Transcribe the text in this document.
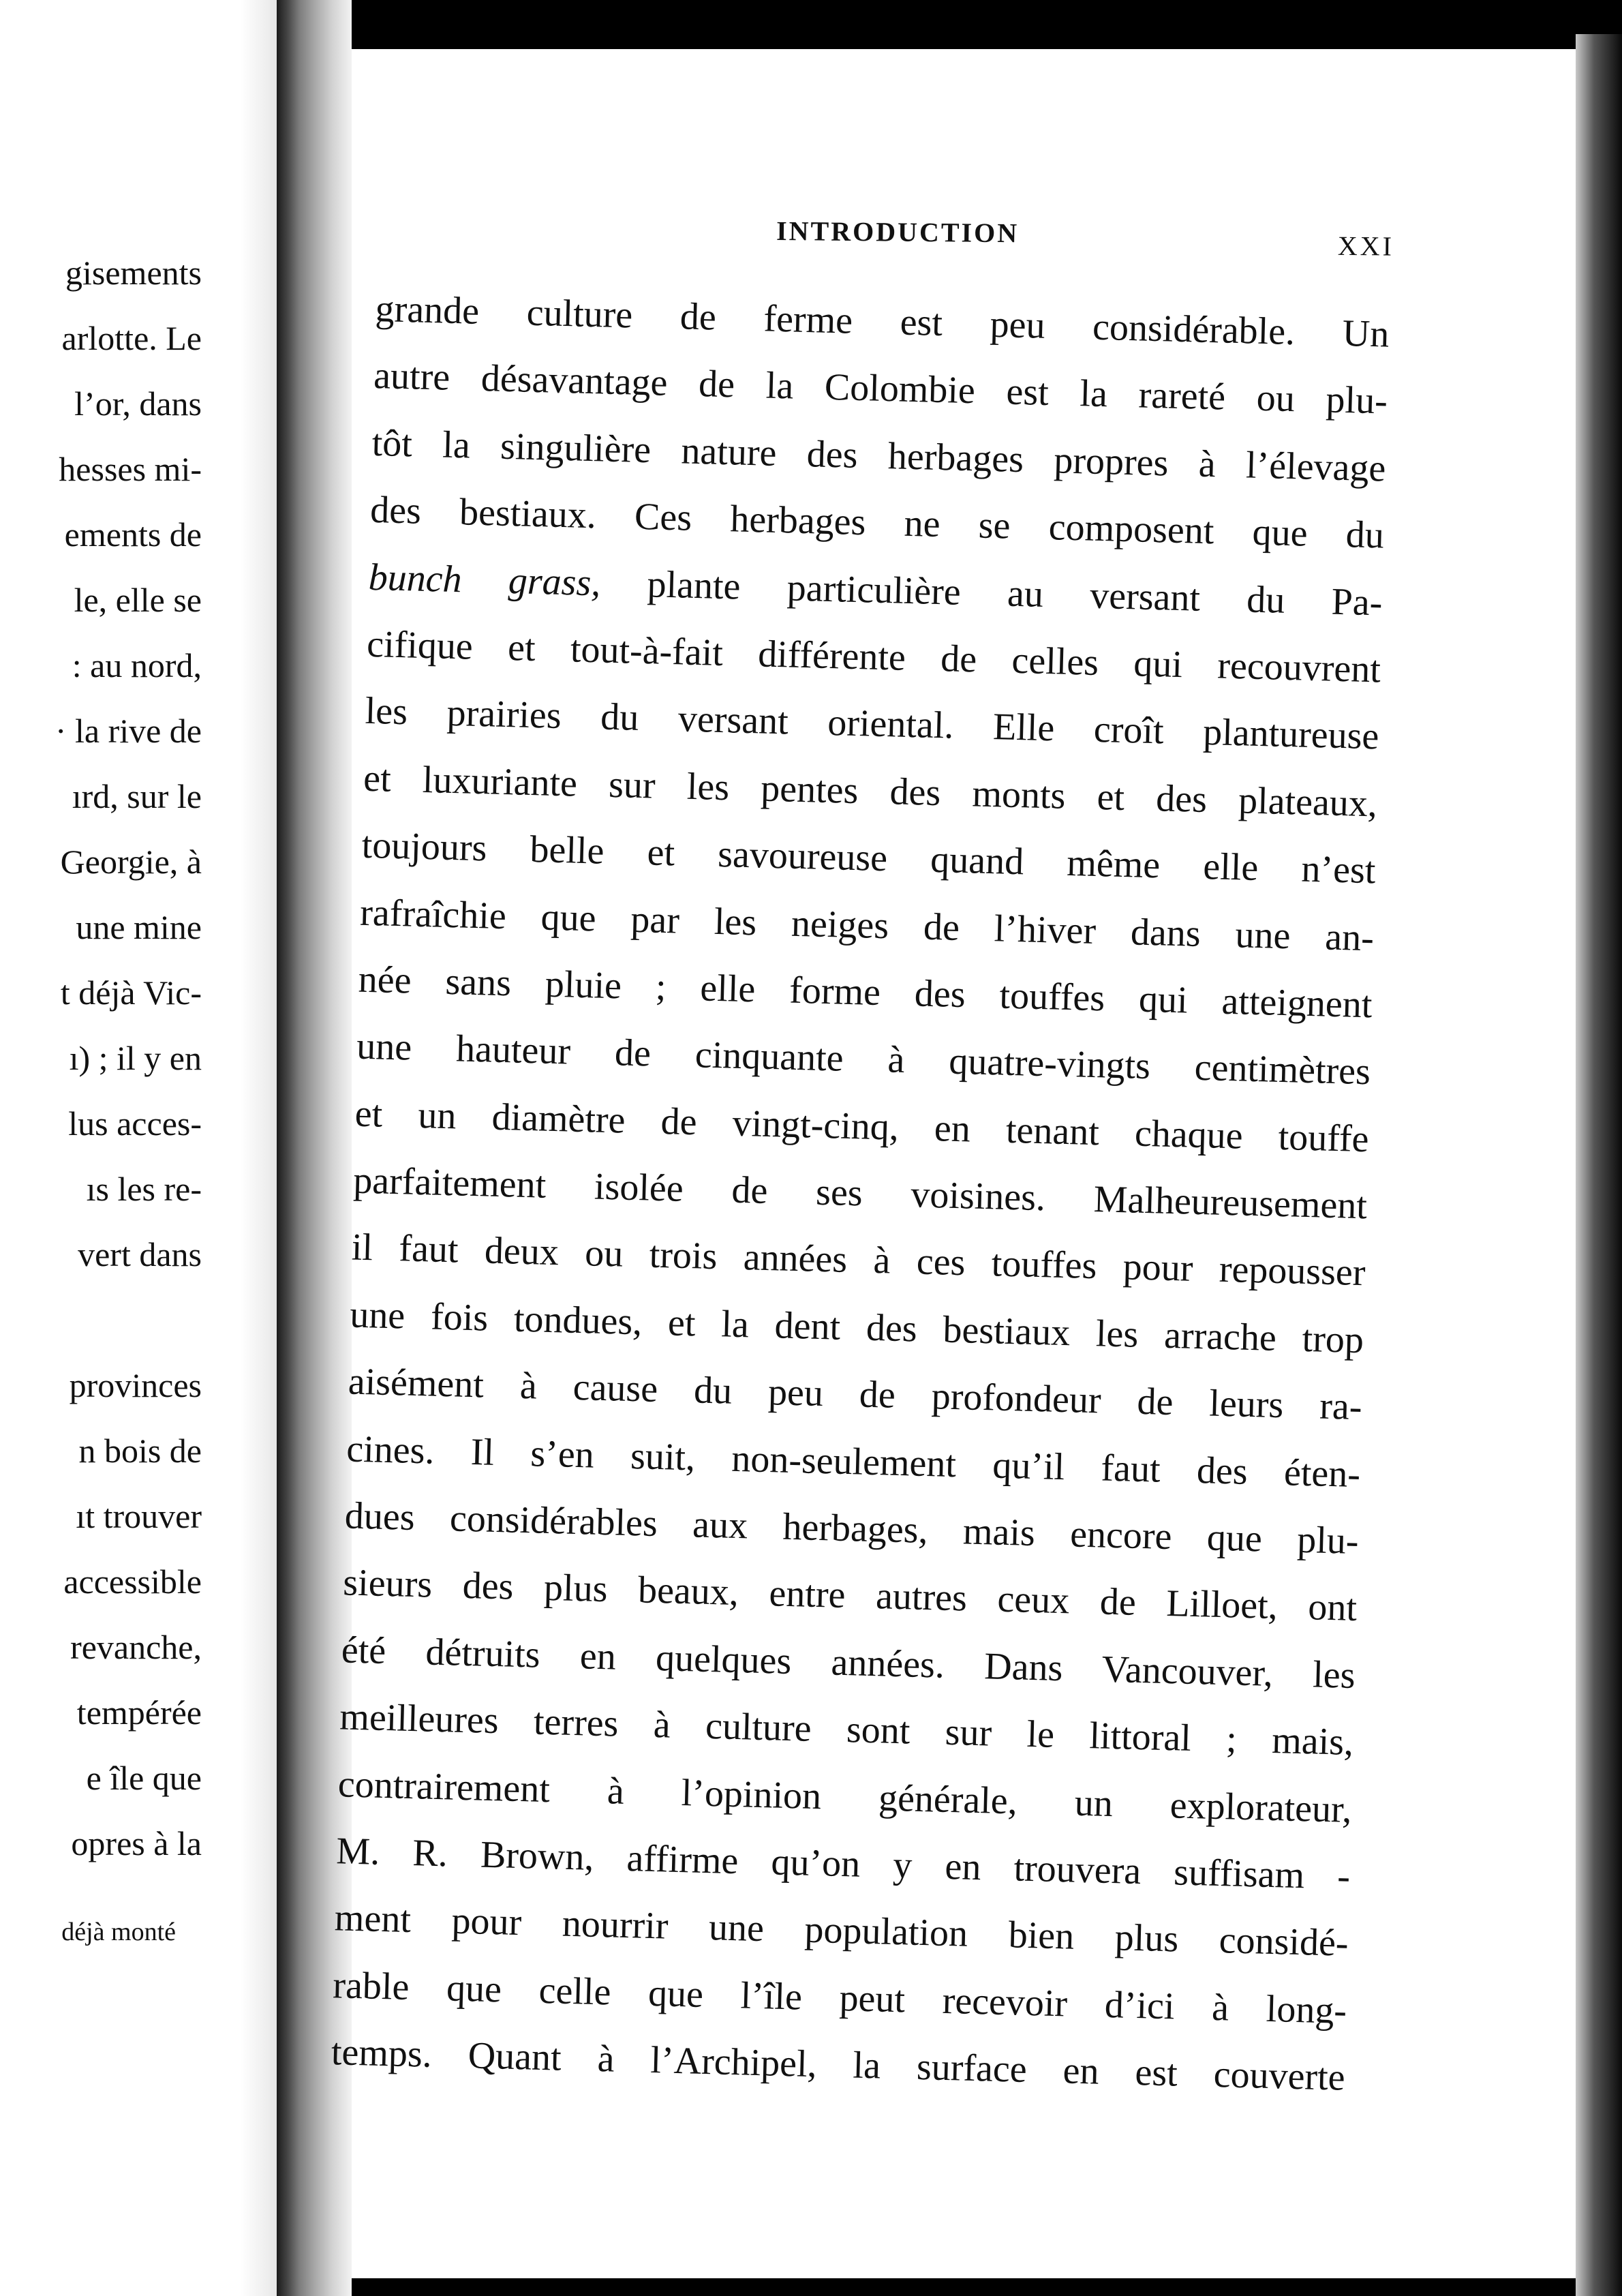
gisements
arlotte. Le
l’or, dans
hesses mi-
ements de
le, elle se
: au nord,
· la rive de
ırd, sur le
Georgie, à
une mine
t déjà Vic-
ı) ; il y en
lus acces-
ıs les re-
vert dans
provinces
n bois de
ıt trouver
accessible
revanche,
tempérée
e île que
opres à la
déjà monté
INTRODUCTION	XXI
grande culture de ferme est peu considérable. Un
autre désavantage de la Colombie est la rareté ou plu-
tôt la singulière nature des herbages propres à l’élevage
des bestiaux. Ces herbages ne se composent que du
bunch grass, plante particulière au versant du Pa-
cifique et tout-à-fait différente de celles qui recouvrent
les prairies du versant oriental. Elle croît plantureuse
et luxuriante sur les pentes des monts et des plateaux,
toujours belle et savoureuse quand même elle n’est
rafraîchie que par les neiges de l’hiver dans une an-
née sans pluie ; elle forme des touffes qui atteignent
une hauteur de cinquante à quatre-vingts centimètres
et un diamètre de vingt-cinq, en tenant chaque touffe
parfaitement isolée de ses voisines. Malheureusement
il faut deux ou trois années à ces touffes pour repousser
une fois tondues, et la dent des bestiaux les arrache trop
aisément à cause du peu de profondeur de leurs ra-
cines. Il s’en suit, non-seulement qu’il faut des éten-
dues considérables aux herbages, mais encore que plu-
sieurs des plus beaux, entre autres ceux de Lilloet, ont
été détruits en quelques années. Dans Vancouver, les
meilleures terres à culture sont sur le littoral ; mais,
contrairement à l’opinion générale, un explorateur,
M. R. Brown, affirme qu’on y en trouvera suffisam -
ment pour nourrir une population bien plus considé-
rable que celle que l’île peut recevoir d’ici à long-
temps. Quant à l’Archipel, la surface en est couverte
